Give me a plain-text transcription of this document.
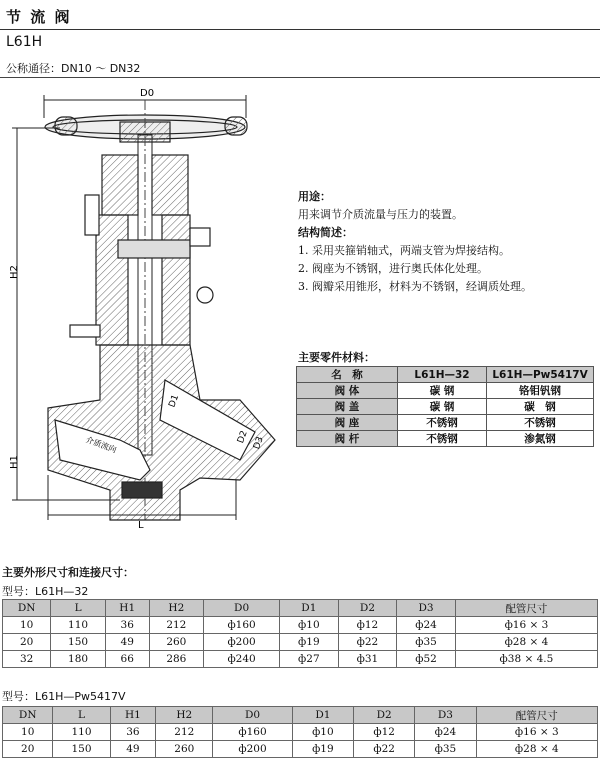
节 流 阀
L61H
公称通径：DN10 ～ DN32
D0
H2
H1
L
D1
D2 D3
介质流向
用途：
用来调节介质流量与压力的装置。
结构简述：
1. 采用夹箍销轴式，两端支管为焊接结构。
2. 阀座为不锈钢，进行奥氏体化处理。
3. 阀瓣采用锥形，材料为不锈钢，经调质处理。
主要零件材料：
名　称	L61H—32	L61H—Pw5417V
阀 体	碳 钢	铬钼钒钢
阀 盖	碳 钢	碳　钢
阀 座	不锈钢	不锈钢
阀 杆	不锈钢	渗氮钢
主要外形尺寸和连接尺寸：
型号：L61H—32
DN	L	H1	H2	D0	D1	D2	D3	配管尺寸
10	110	36	212	ф160	ф10	ф12	ф24	ф16 × 3
20	150	49	260	ф200	ф19	ф22	ф35	ф28 × 4
32	180	66	286	ф240	ф27	ф31	ф52	ф38 × 4.5
型号：L61H—Pw5417V
DN	L	H1	H2	D0	D1	D2	D3	配管尺寸
10	110	36	212	ф160	ф10	ф12	ф24	ф16 × 3
20	150	49	260	ф200	ф19	ф22	ф35	ф28 × 4
